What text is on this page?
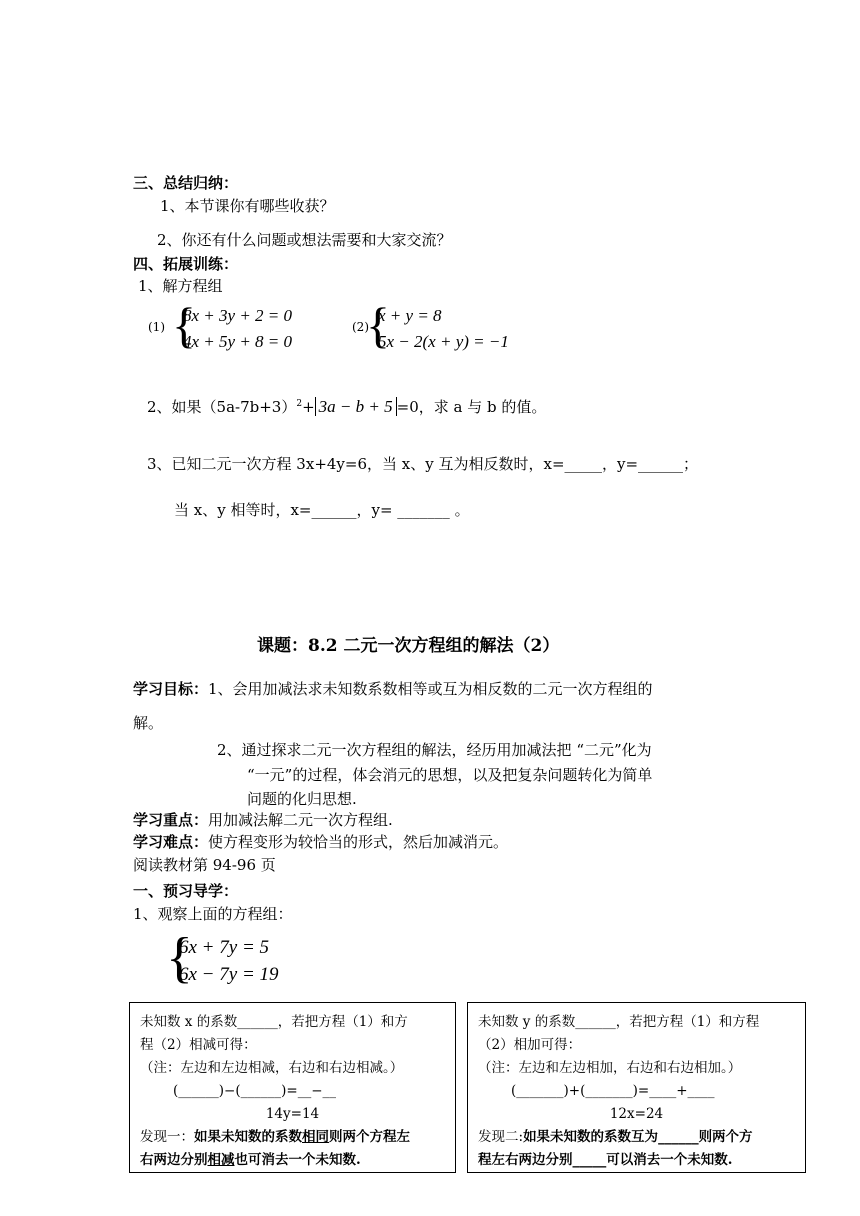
三、总结归纳：
1、本节课你有哪些收获？
2、你还有什么问题或想法需要和大家交流？
四、拓展训练：
1、解方程组
(1) {
8x + 3y + 2 = 0
4x + 5y + 8 = 0
(2)
{
x + y = 8
5x − 2(x + y) = −1
2、如果$(5a-7b+3)^2+ 3a - b + 5 =0$，求 a 与 b 的值。
3、已知二元一次方程 3x+4y=6，当 x、y 互为相反数时，x=_____，y=______；
当 x、y 相等时，x=______，y= _______ 。
课题：8.2 二元一次方程组的解法（2）
学习目标：1、会用加减法求未知数系数相等或互为相反数的二元一次方程组的
解。
2、通过探求二元一次方程组的解法，经历用加减法把 “二元”化为
“一元”的过程，体会消元的思想，以及把复杂问题转化为简单
问题的化归思想.
学习重点：用加减法解二元一次方程组.
学习难点：使方程变形为较恰当的形式，然后加减消元。
阅读教材第 94-96 页
一、预习导学：
1、观察上面的方程组：
{
6x + 7y = 5
6x − 7y = 19
未知数 x 的系数______，若把方程（1）和方
程（2）相减可得：
（注：左边和左边相减，右边和右边相减。）
(______)−(______)=__−__
14y=14
发现一：如果未知数的系数相同则两个方程左
右两边分别相减也可消去一个未知数.
未知数 y 的系数______，若把方程（1）和方程
（2）相加可得：
（注：左边和左边相加，右边和右边相加。）
(_______)+(_______)=____+____
12x=24
发现二:如果未知数的系数互为______则两个方
程左右两边分别_____可以消去一个未知数.
